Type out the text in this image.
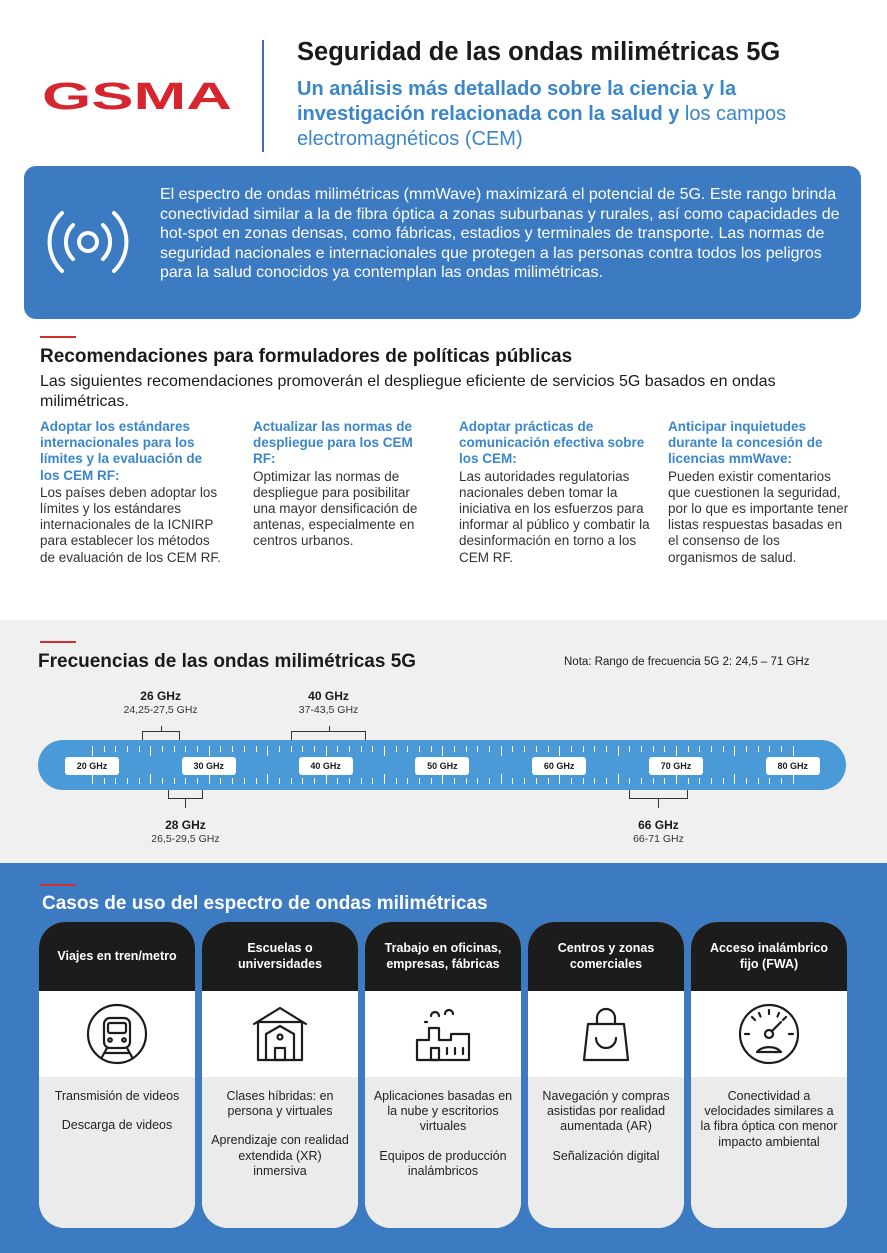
GSMA
Seguridad de las ondas milimétricas 5G
Un análisis más detallado sobre la ciencia y la investigación relacionada con la salud y los campos electromagnéticos (CEM)
El espectro de ondas milimétricas (mmWave) maximizará el potencial de 5G. Este rango brinda conectividad similar a la de fibra óptica a zonas suburbanas y rurales, así como capacidades de hot-spot en zonas densas, como fábricas, estadios y terminales de transporte. Las normas de seguridad nacionales e internacionales que protegen a las personas contra todos los peligros para la salud conocidos ya contemplan las ondas milimétricas.
Recomendaciones para formuladores de políticas públicas
Las siguientes recomendaciones promoverán el despliegue eficiente de servicios 5G basados en ondas milimétricas.
Adoptar los estándares internacionales para los límites y la evaluación de los CEM RF:
Los países deben adoptar los límites y los estándares internacionales de la ICNIRP para establecer los métodos de evaluación de los CEM RF.
Actualizar las normas de despliegue para los CEM RF:
Optimizar las normas de despliegue para posibilitar una mayor densificación de antenas, especialmente en centros urbanos.
Adoptar prácticas de comunicación efectiva sobre los CEM:
Las autoridades regulatorias nacionales deben tomar la iniciativa en los esfuerzos para informar al público y combatir la desinformación en torno a los CEM RF.
Anticipar inquietudes durante la concesión de licencias mmWave:
Pueden existir comentarios que cuestionen la seguridad, por lo que es importante tener listas respuestas basadas en el consenso de los organismos de salud.
Frecuencias de las ondas milimétricas 5G	Nota: Rango de frecuencia 5G 2: 24,5 – 71 GHz
20 GHz	30 GHz	40 GHz	50 GHz	60 GHz	70 GHz	80 GHz
26 GHz
24,25-27,5 GHz
40 GHz
37-43,5 GHz
28 GHz
26,5-29,5 GHz
66 GHz
66-71 GHz
Casos de uso del espectro de ondas milimétricas
Viajes en tren/metro

Transmisión de videos

Descarga de videos

Escuelas o universidades

Clases híbridas: en persona y virtuales

Aprendizaje con realidad extendida (XR) inmersiva

Trabajo en oficinas, empresas, fábricas

Aplicaciones basadas en la nube y escritorios virtuales

Equipos de producción inalámbricos

Centros y zonas comerciales

Navegación y compras asistidas por realidad aumentada (AR)

Señalización digital

Acceso inalámbrico fijo (FWA)

Conectividad a velocidades similares a la fibra óptica con menor impacto ambiental
